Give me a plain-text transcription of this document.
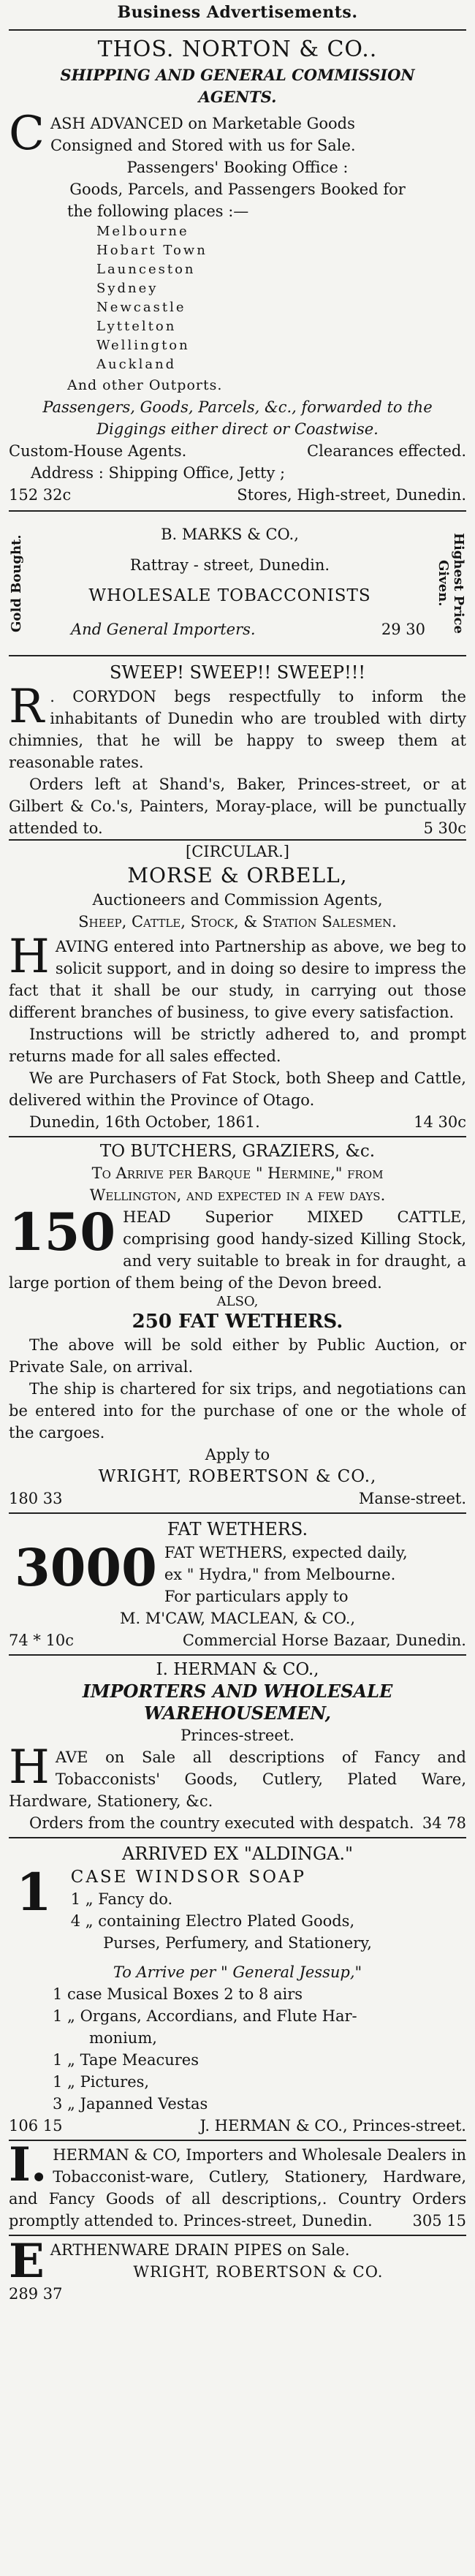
Business Advertisements.
THOS. NORTON & CO..
SHIPPING AND GENERAL COMMISSION
AGENTS.
C ASH ADVANCED on Marketable Goods
Consigned and Stored with us for Sale.
Passengers' Booking Office :
Goods, Parcels, and Passengers Booked for
the following places :—
Melbourne
Hobart Town
Launceston
Sydney
Newcastle
Lyttelton
Wellington
Auckland
And other Outports.
Passengers, Goods, Parcels, &c., forwarded to the
Diggings either direct or Coastwise.
Custom-House Agents.	Clearances effected.
Address : Shipping Office, Jetty ;
152 32c	Stores, High-street, Dunedin.
Gold Bought.
B. MARKS & CO.,
Rattray - street, Dunedin.
WHOLESALE TOBACCONISTS
And General Importers.	29 30	Highest Price Given.
SWEEP! SWEEP!! SWEEP!!!
R . CORYDON begs respectfully to inform the inhabitants of Dunedin who are troubled with dirty chimnies, that he will be happy to sweep them at reasonable rates.
Orders left at Shand's, Baker, Princes-street, or at Gilbert & Co.'s, Painters, Moray-place, will be punctually attended to.	5 30c
[CIRCULAR.]
MORSE & ORBELL,
Auctioneers and Commission Agents,
Sheep, Cattle, Stock, & Station Salesmen.
H AVING entered into Partnership as above, we beg to solicit support, and in doing so desire to impress the fact that it shall be our study, in carrying out those different branches of business, to give every satisfaction.
Instructions will be strictly adhered to, and prompt returns made for all sales effected.
We are Purchasers of Fat Stock, both Sheep and Cattle, delivered within the Province of Otago.
Dunedin, 16th October, 1861.	14 30c
TO BUTCHERS, GRAZIERS, &c.
To Arrive per Barque " Hermine," from
Wellington, and expected in a few days.
150 HEAD Superior MIXED CATTLE, comprising good handy-sized Killing Stock, and very suitable to break in for draught, a large portion of them being of the Devon breed.
ALSO,
250 FAT WETHERS.
The above will be sold either by Public Auction, or Private Sale, on arrival.
The ship is chartered for six trips, and negotiations can be entered into for the purchase of one or the whole of the cargoes.
Apply to
WRIGHT, ROBERTSON & CO.,
180 33	Manse-street.
FAT WETHERS.
3000 FAT WETHERS, expected daily,
ex " Hydra," from Melbourne.
For particulars apply to
M. M'CAW, MACLEAN, & CO.,
74 * 10c	Commercial Horse Bazaar, Dunedin.
I. HERMAN & CO.,
IMPORTERS AND WHOLESALE
WAREHOUSEMEN,
Princes-street.
H AVE on Sale all descriptions of Fancy and Tobacconists' Goods, Cutlery, Plated Ware, Hardware, Stationery, &c.
Orders from the country executed with despatch. 34 78
ARRIVED EX "ALDINGA."
1	CASE WINDSOR SOAP
1 „ Fancy do.
4 „ containing Electro Plated Goods,
Purses, Perfumery, and Stationery,
To Arrive per " General Jessup,"
1 case Musical Boxes 2 to 8 airs
1 „ Organs, Accordians, and Flute Har-
monium,
1 „ Tape Meacures
1 „ Pictures,
3 „ Japanned Vestas
106 15	J. HERMAN & CO., Princes-street.
I. HERMAN & CO, Importers and Wholesale Dealers in Tobacconist-ware, Cutlery, Stationery, Hardware, and Fancy Goods of all descriptions,. Country Orders promptly attended to. Princes-street, Dunedin.	305 15
E ARTHENWARE DRAIN PIPES on Sale.
WRIGHT, ROBERTSON & CO.
289 37
